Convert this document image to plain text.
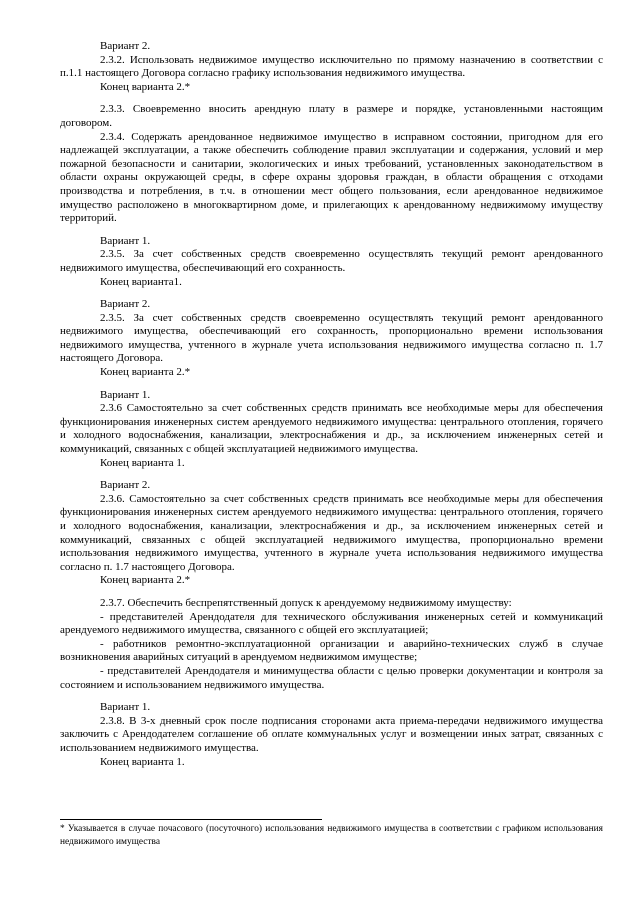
Вариант 2.

2.3.2. Использовать недвижимое имущество исключительно по прямому назначению в соответствии с п.1.1 настоящего Договора согласно графику использования недвижимого имущества.

Конец варианта 2.*

2.3.3. Своевременно вносить арендную плату в размере и порядке, установленными настоящим договором.

2.3.4. Содержать арендованное недвижимое имущество в исправном состоянии, пригодном для его надлежащей эксплуатации, а также обеспечить соблюдение правил эксплуатации и содержания, условий и мер пожарной безопасности и санитарии, экологических и иных требований, установленных законодательством в области охраны окружающей среды, в сфере охраны здоровья граждан, в области обращения с отходами производства и потребления, в т.ч. в отношении мест общего пользования, если арендованное недвижимое имущество расположено в многоквартирном доме, и прилегающих к арендованному недвижимому имуществу территорий.

Вариант 1.

2.3.5. За счет собственных средств своевременно осуществлять текущий ремонт арендованного недвижимого имущества, обеспечивающий его сохранность.

Конец варианта1.

Вариант 2.

2.3.5. За счет собственных средств своевременно осуществлять текущий ремонт арендованного недвижимого имущества, обеспечивающий его сохранность, пропорционально времени использования недвижимого имущества, учтенного в журнале учета использования недвижимого имущества согласно п. 1.7 настоящего Договора.

Конец варианта 2.*

Вариант 1.

2.3.6 Самостоятельно за счет собственных средств принимать все необходимые меры для обеспечения функционирования инженерных систем арендуемого недвижимого имущества: центрального отопления, горячего и холодного водоснабжения, канализации, электроснабжения и др., за исключением инженерных сетей и коммуникаций, связанных с общей эксплуатацией недвижимого имущества.

Конец варианта 1.

Вариант 2.

2.3.6. Самостоятельно за счет собственных средств принимать все необходимые меры для обеспечения функционирования инженерных систем арендуемого недвижимого имущества: центрального отопления, горячего и холодного водоснабжения, канализации, электроснабжения и др., за исключением инженерных сетей и коммуникаций, связанных с общей эксплуатацией недвижимого имущества, пропорционально времени использования недвижимого имущества, учтенного в журнале учета использования недвижимого имущества согласно п. 1.7 настоящего Договора.

Конец варианта 2.*

2.3.7. Обеспечить беспрепятственный допуск к арендуемому недвижимому имуществу:

- представителей Арендодателя для технического обслуживания инженерных сетей и коммуникаций арендуемого недвижимого имущества, связанного с общей его эксплуатацией;

- работников ремонтно-эксплуатационной организации и аварийно-технических служб в случае возникновения аварийных ситуаций в арендуемом недвижимом имуществе;

- представителей Арендодателя и минимущества области с целью проверки документации и контроля за состоянием и использованием недвижимого имущества.

Вариант 1.

2.3.8. В 3-х дневный срок после подписания сторонами акта приема-передачи недвижимого имущества заключить с Арендодателем соглашение об оплате коммунальных услуг и возмещении иных затрат, связанных с использованием недвижимого имущества.

Конец варианта 1.

* Указывается в случае почасового (посуточного) использования недвижимого имущества в соответствии с графиком использования недвижимого имущества
